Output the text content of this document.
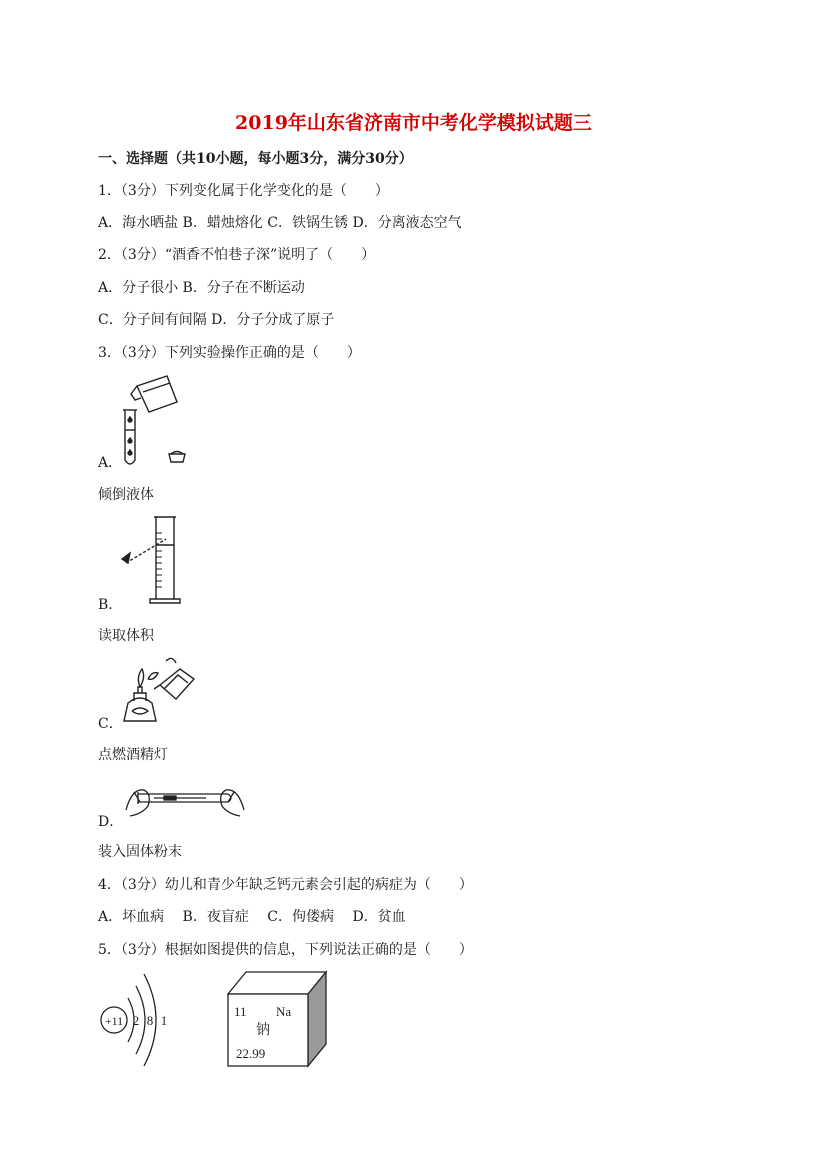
2019年山东省济南市中考化学模拟试题三
一、选择题（共10小题，每小题3分，满分30分）
1．（3分）下列变化属于化学变化的是（　　）
A．海水晒盐 B．蜡烛熔化 C．铁锅生锈 D．分离液态空气
2．（3分）“酒香不怕巷子深”说明了（　　）
A．分子很小 B．分子在不断运动
C．分子间有间隔 D．分子分成了原子
3．（3分）下列实验操作正确的是（　　）
A．
倾倒液体
B．
读取体积
C．
点燃酒精灯
D．
装入固体粉末
4．（3分）幼儿和青少年缺乏钙元素会引起的病症为（　　）
A．坏血病　 B．夜盲症　 C．佝偻病　 D．贫血
5．（3分）根据如图提供的信息，下列说法正确的是（　　）
+11 2 8 1
11 Na
钠
22.99
